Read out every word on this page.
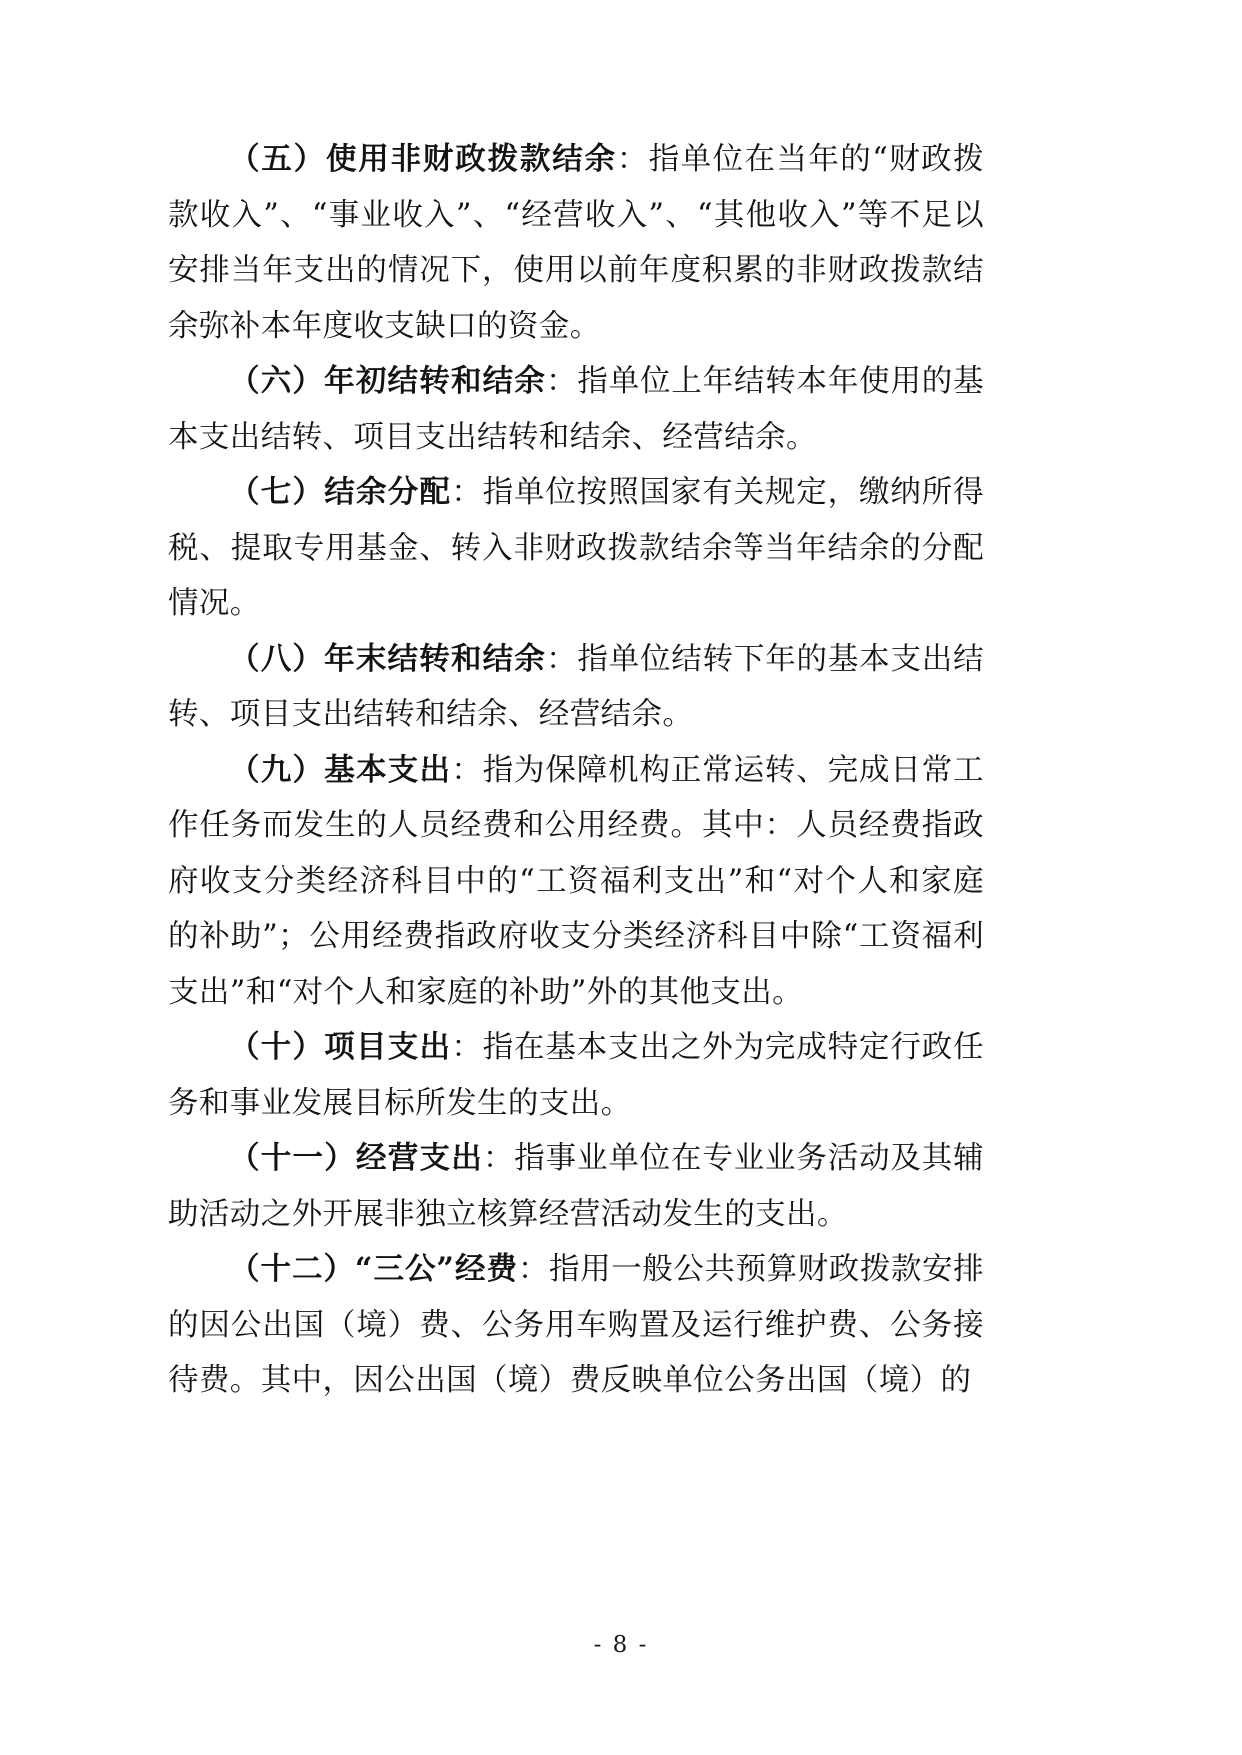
（五）使用非财政拨款结余：指单位在当年的“财政拨款收入”、“事业收入”、“经营收入”、“其他收入”等不足以安排当年支出的情况下，使用以前年度积累的非财政拨款结余弥补本年度收支缺口的资金。

（六）年初结转和结余：指单位上年结转本年使用的基本支出结转、项目支出结转和结余、经营结余。

（七）结余分配：指单位按照国家有关规定，缴纳所得税、提取专用基金、转入非财政拨款结余等当年结余的分配情况。

（八）年末结转和结余：指单位结转下年的基本支出结转、项目支出结转和结余、经营结余。

（九）基本支出：指为保障机构正常运转、完成日常工作任务而发生的人员经费和公用经费。其中：人员经费指政府收支分类经济科目中的“工资福利支出”和“对个人和家庭的补助”；公用经费指政府收支分类经济科目中除“工资福利支出”和“对个人和家庭的补助”外的其他支出。

（十）项目支出：指在基本支出之外为完成特定行政任务和事业发展目标所发生的支出。

（十一）经营支出：指事业单位在专业业务活动及其辅助活动之外开展非独立核算经营活动发生的支出。

（十二）“三公”经费：指用一般公共预算财政拨款安排的因公出国（境）费、公务用车购置及运行维护费、公务接待费。其中，因公出国（境）费反映单位公务出国（境）的

- 8 -
